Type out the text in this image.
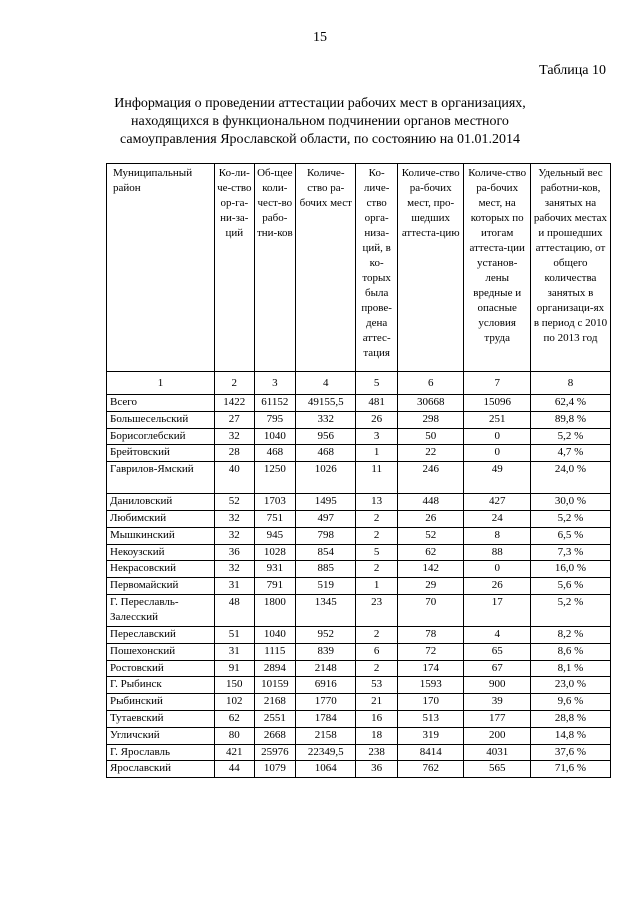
15
Таблица 10
Информация о проведении аттестации рабочих мест в организациях, находящихся в функциональном подчинении органов местного самоуправления Ярославской области, по состоянию на 01.01.2014
Муниципальный район	Ко-ли-че-ство ор-га-ни-за-ций	Об-щее коли-чест-во рабо-тни-ков	Количе-ство ра-бочих мест	Ко-личе-ство орга-низа-ций, в ко-торых была прове-дена аттес-тация	Количе-ство ра-бочих мест, про-шедших аттеста-цию	Количе-ство ра-бочих мест, на которых по итогам аттеста-ции установ-лены вредные и опасные условия труда	Удельный вес работни-ков, занятых на рабочих местах и прошедших аттестацию, от общего количества занятых в организаци-ях в период с 2010 по 2013 год
1	2	3	4	5	6	7	8
Всего	1422	61152	49155,5	481	30668	15096	62,4 %
Большесельский	27	795	332	26	298	251	89,8 %
Борисоглебский	32	1040	956	3	50	0	5,2 %
Брейтовский	28	468	468	1	22	0	4,7 %
Гаврилов-Ямский	40	1250	1026	11	246	49	24,0 %
Даниловский	52	1703	1495	13	448	427	30,0 %
Любимский	32	751	497	2	26	24	5,2 %
Мышкинский	32	945	798	2	52	8	6,5 %
Некоузский	36	1028	854	5	62	88	7,3 %
Некрасовский	32	931	885	2	142	0	16,0 %
Первомайский	31	791	519	1	29	26	5,6 %
Г. Переславль-Залесский	48	1800	1345	23	70	17	5,2 %
Переславский	51	1040	952	2	78	4	8,2 %
Пошехонский	31	1115	839	6	72	65	8,6 %
Ростовский	91	2894	2148	2	174	67	8,1 %
Г. Рыбинск	150	10159	6916	53	1593	900	23,0 %
Рыбинский	102	2168	1770	21	170	39	9,6 %
Тутаевский	62	2551	1784	16	513	177	28,8 %
Угличский	80	2668	2158	18	319	200	14,8 %
Г. Ярославль	421	25976	22349,5	238	8414	4031	37,6 %
Ярославский	44	1079	1064	36	762	565	71,6 %
